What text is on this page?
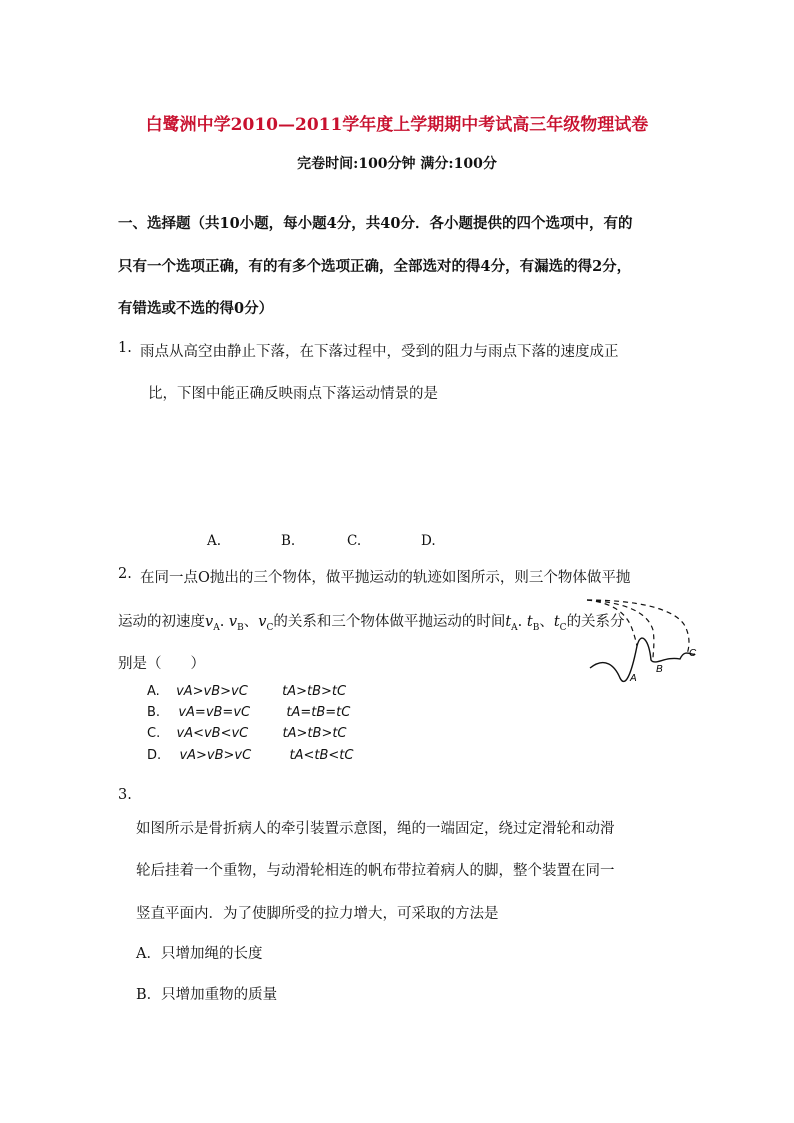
白鹭洲中学2010—2011学年度上学期期中考试高三年级物理试卷
完卷时间:100分钟 满分:100分
一、选择题（共10小题，每小题4分，共40分．各小题提供的四个选项中，有的
只有一个选项正确，有的有多个选项正确，全部选对的得4分，有漏选的得2分，
有错选或不选的得0分）
1. 雨点从高空由静止下落，在下落过程中，受到的阻力与雨点下落的速度成正
比，下图中能正确反映雨点下落运动情景的是
A.	B.	C.	D.
2. 在同一点O抛出的三个物体，做平抛运动的轨迹如图所示，则三个物体做平抛
运动的初速度$v_A$. $v_B$、$v_C$的关系和三个物体做平抛运动的时间$t_A$. $t_B$、$t_C$的关系分
别是（　　）
A
B
C
A. vA>vB>vC	tA>tB>tC
B. vA=vB=vC	tA=tB=tC
C. vA<vB<vC	tA>tB>tC
D. vA>vB>vC	tA<tB<tC
3.
如图所示是骨折病人的牵引装置示意图，绳的一端固定，绕过定滑轮和动滑
轮后挂着一个重物，与动滑轮相连的帆布带拉着病人的脚，整个装置在同一
竖直平面内．为了使脚所受的拉力增大，可采取的方法是
A．只增加绳的长度
B．只增加重物的质量
